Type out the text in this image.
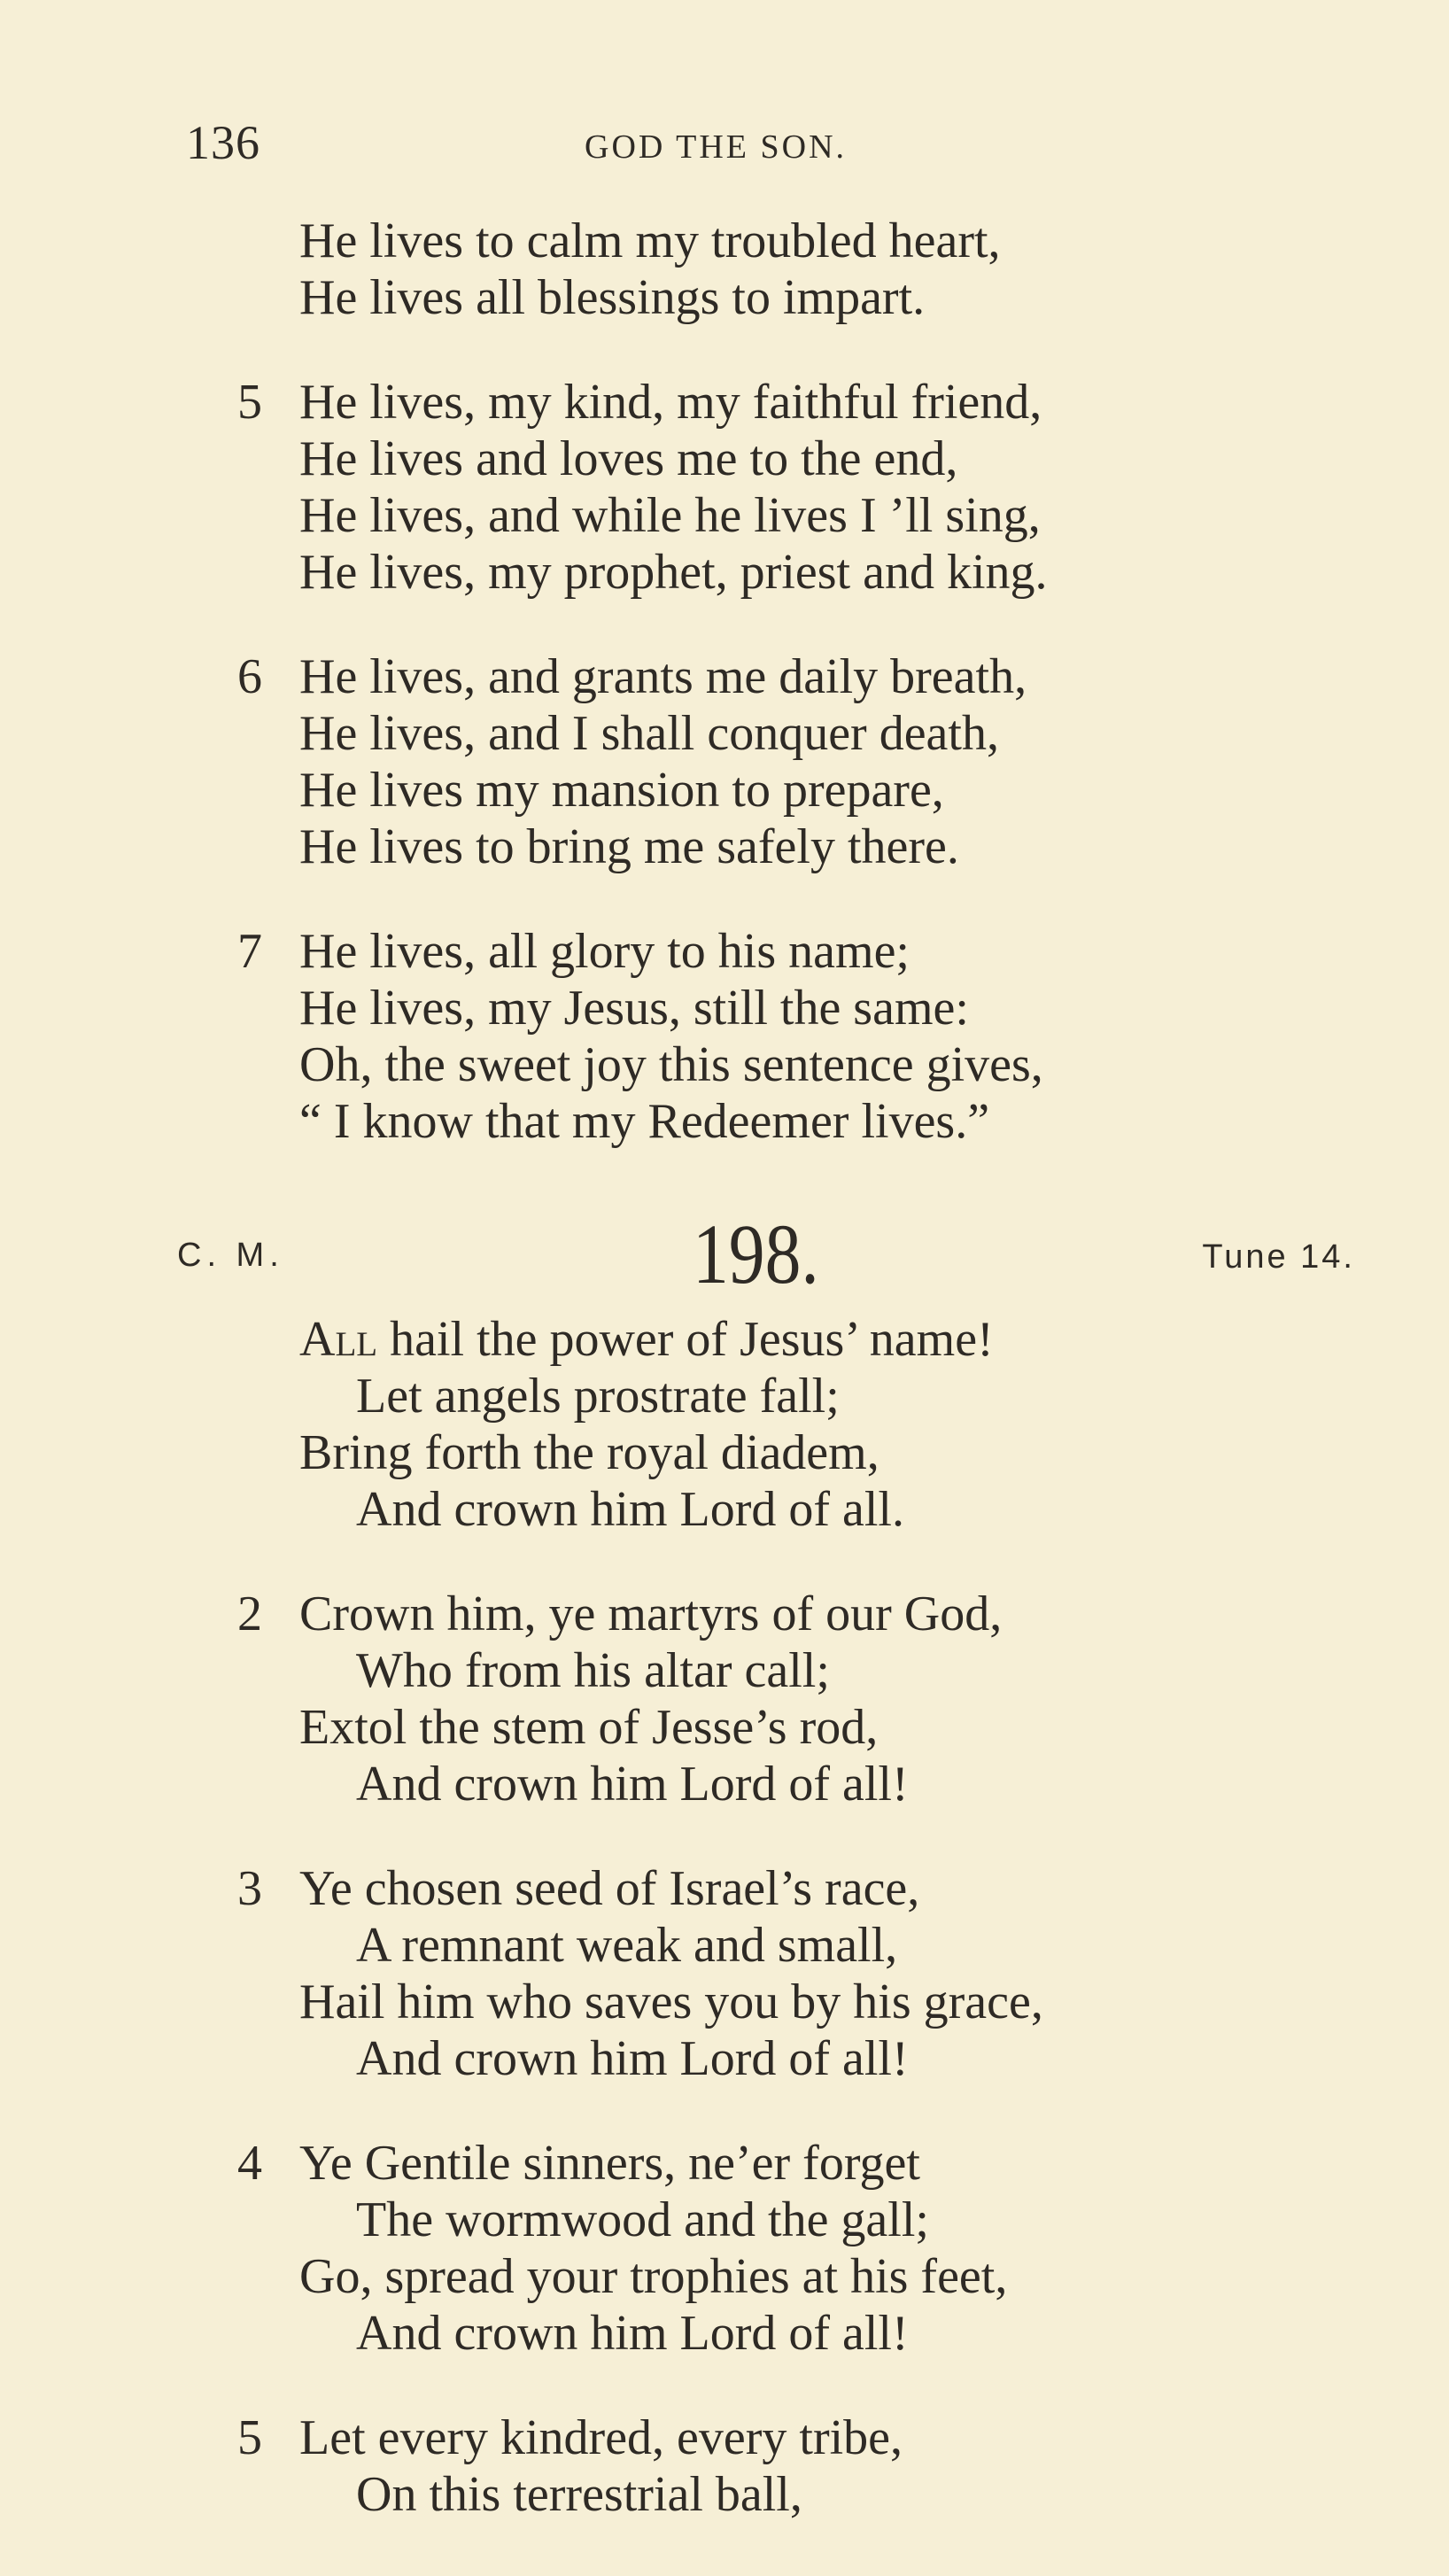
136	GOD THE SON.
He lives to calm my troubled heart,
He lives all blessings to impart.
5 He lives, my kind, my faithful friend,
He lives and loves me to the end,
He lives, and while he lives I ’ll sing,
He lives, my prophet, priest and king.
6 He lives, and grants me daily breath,
He lives, and I shall conquer death,
He lives my mansion to prepare,
He lives to bring me safely there.
7 He lives, all glory to his name;
He lives, my Jesus, still the same:
Oh, the sweet joy this sentence gives,
“ I know that my Redeemer lives.”
C. M.	198.	Tune 14.
All hail the power of Jesus’ name!
Let angels prostrate fall;
Bring forth the royal diadem,
And crown him Lord of all.
2 Crown him, ye martyrs of our God,
Who from his altar call;
Extol the stem of Jesse’s rod,
And crown him Lord of all!
3 Ye chosen seed of Israel’s race,
A remnant weak and small,
Hail him who saves you by his grace,
And crown him Lord of all!
4 Ye Gentile sinners, ne’er forget
The wormwood and the gall;
Go, spread your trophies at his feet,
And crown him Lord of all!
5 Let every kindred, every tribe,
On this terrestrial ball,
